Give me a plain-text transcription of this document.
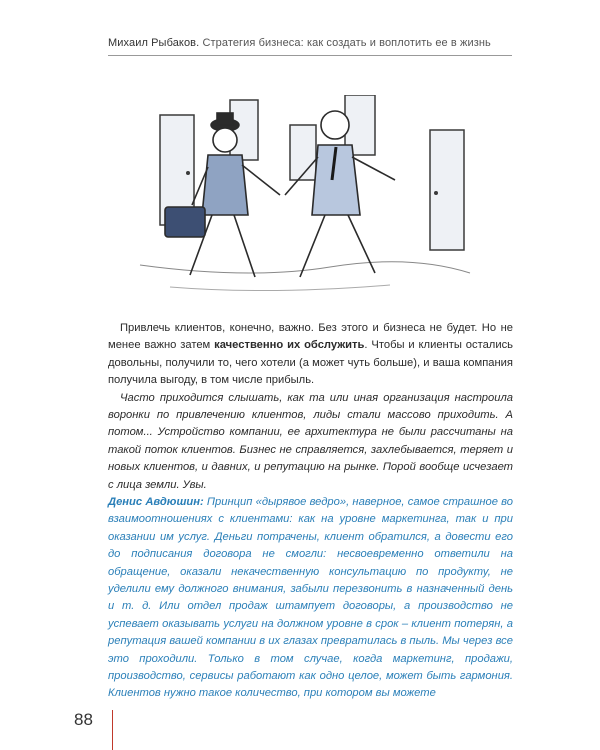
Михаил Рыбаков. Стратегия бизнеса: как создать и воплотить ее в жизнь

Привлечь клиентов, конечно, важно. Без этого и бизнеса не будет. Но не менее важно затем качественно их обслужить. Чтобы и клиенты остались довольны, получили то, чего хотели (а может чуть больше), и ваша компания получила выгоду, в том числе прибыль.

Часто приходится слышать, как та или иная организация настроила воронки по привлечению клиентов, лиды стали массово приходить. А потом... Устройство компании, ее архитектура не были рассчитаны на такой поток клиентов. Бизнес не справляется, захлебывается, теряет и новых клиентов, и давних, и репутацию на рынке. Порой вообще исчезает с лица земли. Увы.

Денис Авдюшин: Принцип «дырявое ведро», наверное, самое страшное во взаимоотношениях с клиентами: как на уровне маркетинга, так и при оказании им услуг. Деньги потрачены, клиент обратился, а довести его до подписания договора не смогли: несвоевременно ответили на обращение, оказали некачественную консультацию по продукту, не уделили ему должного внимания, забыли перезвонить в назначенный день и т. д. Или отдел продаж штампует договоры, а производство не успевает оказывать услуги на должном уровне в срок – клиент потерян, а репутация вашей компании в их глазах превратилась в пыль. Мы через все это проходили. Только в том случае, когда маркетинг, продажи, производство, сервисы работают как одно целое, может быть гармония. Клиентов нужно такое количество, при котором вы можете
88
